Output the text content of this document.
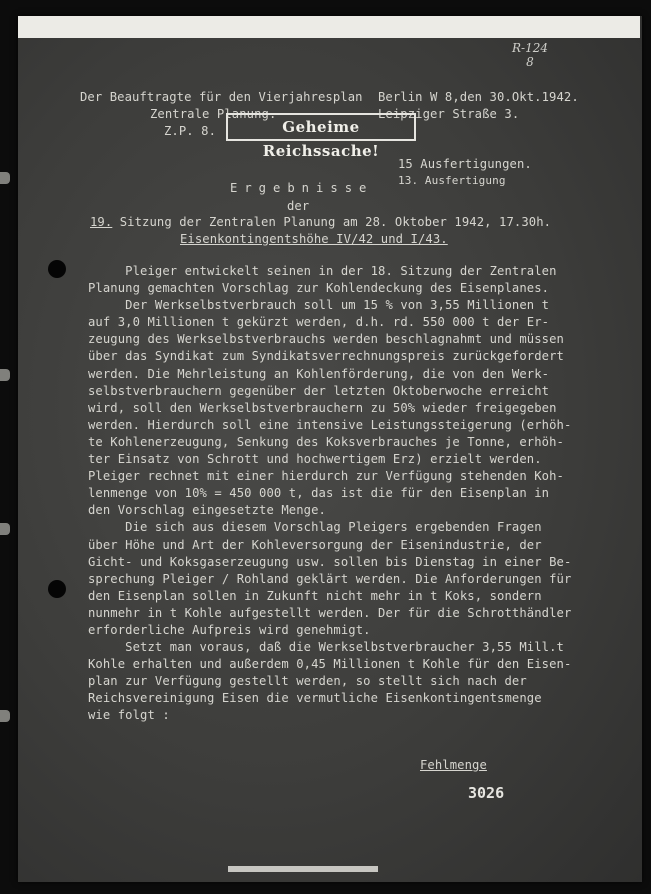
Der Beauftragte für den Vierjahresplan
Zentrale Planung.
Z.P. 8.
Berlin W 8,den 30.Okt.1942.
Leipziger Straße 3.
R-124
8
Geheime Reichssache!
15 Ausfertigungen.
13. Ausfertigung
Ergebnisse
der
19. Sitzung der Zentralen Planung am 28. Oktober 1942, 17.30h.
Eisenkontingentshöhe IV/42 und I/43.
Pleiger entwickelt seinen in der 18. Sitzung der Zentralen
Planung gemachten Vorschlag zur Kohlendeckung des Eisenplanes.
Der Werkselbstverbrauch soll um 15 % von 3,55 Millionen t
auf 3,0 Millionen t gekürzt werden, d.h. rd. 550 000 t der Er-
zeugung des Werkselbstverbrauchs werden beschlagnahmt und müssen
über das Syndikat zum Syndikatsverrechnungspreis zurückgefordert
werden. Die Mehrleistung an Kohlenförderung, die von den Werk-
selbstverbrauchern gegenüber der letzten Oktoberwoche erreicht
wird, soll den Werkselbstverbrauchern zu 50% wieder freigegeben
werden. Hierdurch soll eine intensive Leistungssteigerung (erhöh-
te Kohlenerzeugung, Senkung des Koksverbrauches je Tonne, erhöh-
ter Einsatz von Schrott und hochwertigem Erz) erzielt werden.
Pleiger rechnet mit einer hierdurch zur Verfügung stehenden Koh-
lenmenge von 10% = 450 000 t, das ist die für den Eisenplan in
den Vorschlag eingesetzte Menge.
Die sich aus diesem Vorschlag Pleigers ergebenden Fragen
über Höhe und Art der Kohleversorgung der Eisenindustrie, der
Gicht- und Koksgaserzeugung usw. sollen bis Dienstag in einer Be-
sprechung Pleiger / Rohland geklärt werden. Die Anforderungen für
den Eisenplan sollen in Zukunft nicht mehr in t Koks, sondern
nunmehr in t Kohle aufgestellt werden. Der für die Schrotthändler
erforderliche Aufpreis wird genehmigt.
Setzt man voraus, daß die Werkselbstverbraucher 3,55 Mill.t
Kohle erhalten und außerdem 0,45 Millionen t Kohle für den Eisen-
plan zur Verfügung gestellt werden, so stellt sich nach der
Reichsvereinigung Eisen die vermutliche Eisenkontingentsmenge
wie folgt :
Fehlmenge
3026
